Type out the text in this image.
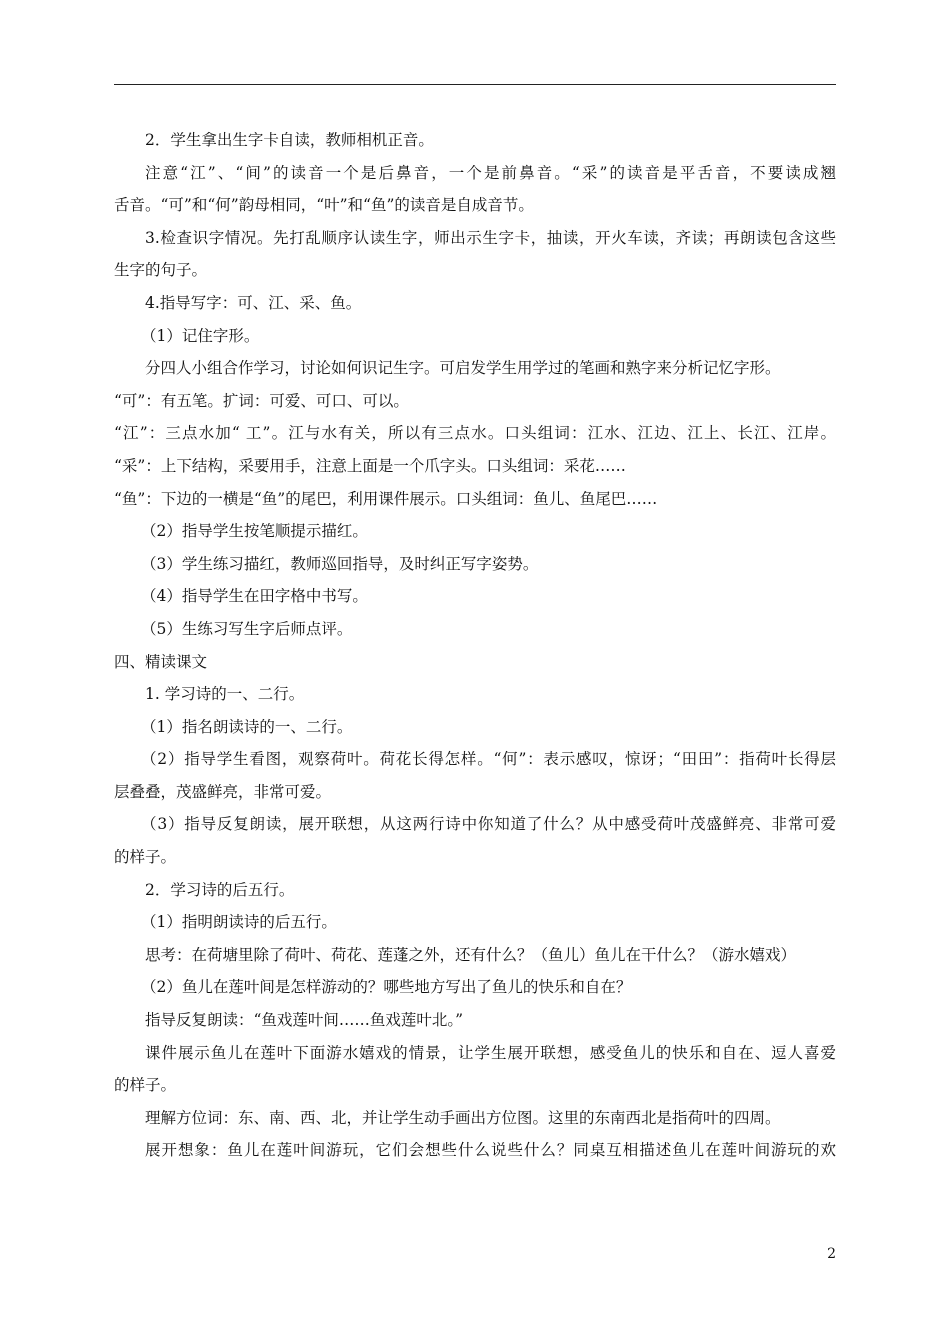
2．学生拿出生字卡自读，教师相机正音。
注意“江”、“间”的读音一个是后鼻音，一个是前鼻音。“采”的读音是平舌音，不要读成翘
舌音。“可”和“何”韵母相同，“叶”和“鱼”的读音是自成音节。
3.检查识字情况。先打乱顺序认读生字，师出示生字卡，抽读，开火车读，齐读；再朗读包含这些
生字的句子。
4.指导写字：可、江、采、鱼。
（1）记住字形。
分四人小组合作学习，讨论如何识记生字。可启发学生用学过的笔画和熟字来分析记忆字形。
“可”：有五笔。扩词：可爱、可口、可以。
“江”：三点水加“ 工”。江与水有关，所以有三点水。口头组词：江水、江边、江上、长江、江岸。
“采”：上下结构，采要用手，注意上面是一个爪字头。口头组词：采花……
“鱼”：下边的一横是“鱼”的尾巴，利用课件展示。口头组词：鱼儿、鱼尾巴……
（2）指导学生按笔顺提示描红。
（3）学生练习描红，教师巡回指导，及时纠正写字姿势。
（4）指导学生在田字格中书写。
（5）生练习写生字后师点评。
四、精读课文
1. 学习诗的一、二行。
（1）指名朗读诗的一、二行。
（2）指导学生看图，观察荷叶。荷花长得怎样。“何”：表示感叹，惊讶；“田田”：指荷叶长得层
层叠叠，茂盛鲜亮，非常可爱。
（3）指导反复朗读，展开联想，从这两行诗中你知道了什么？从中感受荷叶茂盛鲜亮、非常可爱
的样子。
2．学习诗的后五行。
（1）指明朗读诗的后五行。
思考：在荷塘里除了荷叶、荷花、莲蓬之外，还有什么？（鱼儿）鱼儿在干什么？（游水嬉戏）
（2）鱼儿在莲叶间是怎样游动的？哪些地方写出了鱼儿的快乐和自在？
指导反复朗读：“鱼戏莲叶间……鱼戏莲叶北。”
课件展示鱼儿在莲叶下面游水嬉戏的情景，让学生展开联想，感受鱼儿的快乐和自在、逗人喜爱
的样子。
理解方位词：东、南、西、北，并让学生动手画出方位图。这里的东南西北是指荷叶的四周。
展开想象：鱼儿在莲叶间游玩，它们会想些什么说些什么？同桌互相描述鱼儿在莲叶间游玩的欢
2
